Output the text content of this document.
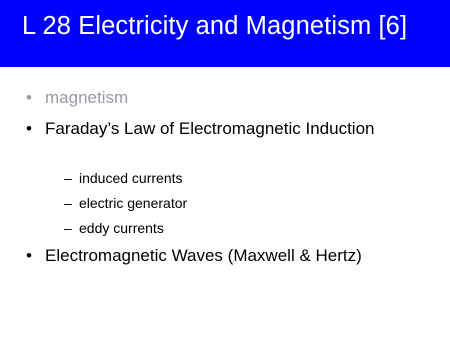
L 28 Electricity and Magnetism [6]
• magnetism
• Faraday’s Law of Electromagnetic Induction
– induced currents
– electric generator
– eddy currents
• Electromagnetic Waves (Maxwell & Hertz)
